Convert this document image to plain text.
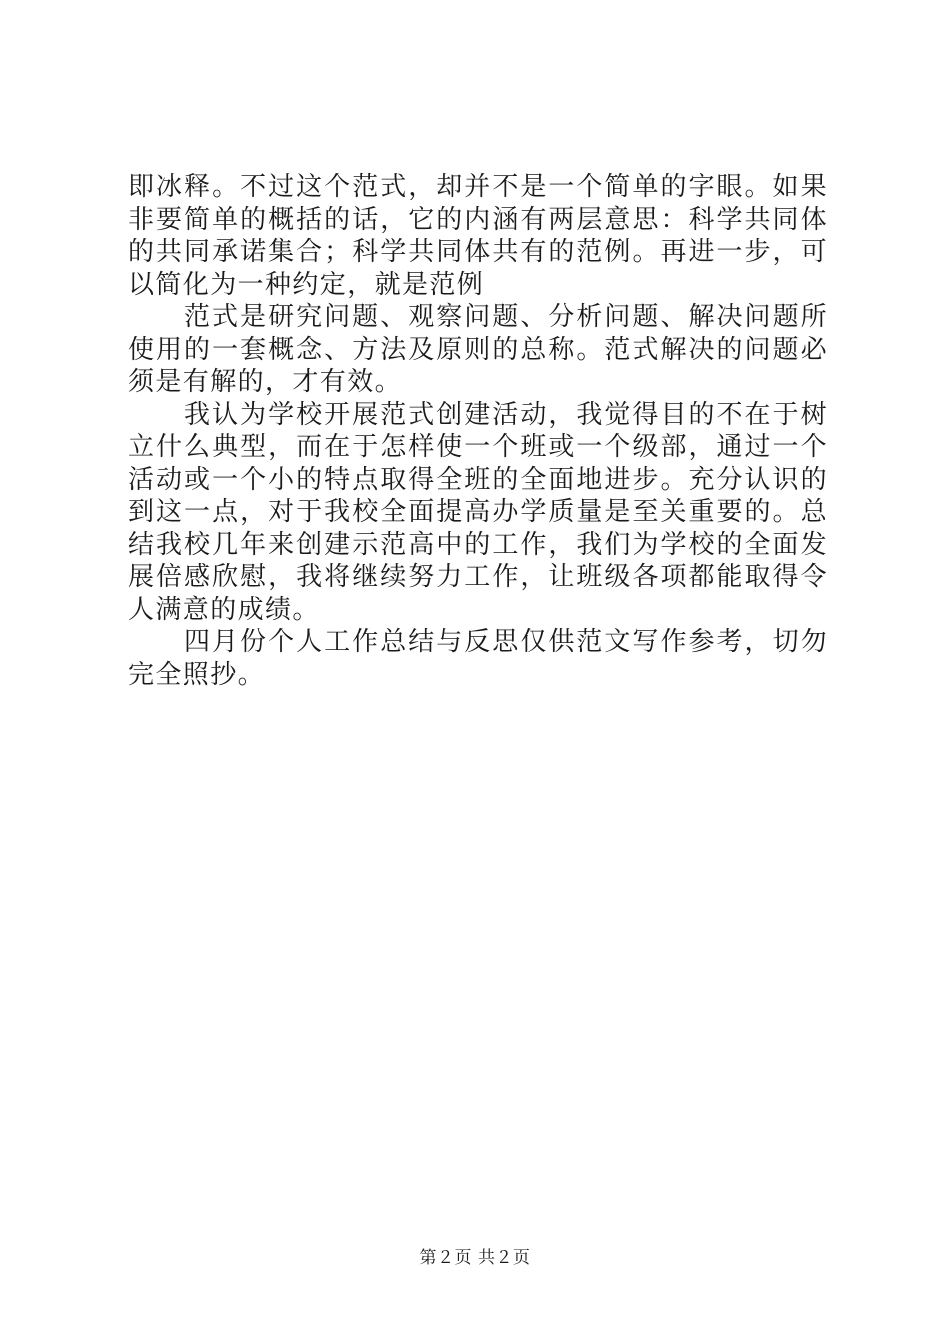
即冰释。不过这个范式，却并不是一个简单的字眼。如果非要简单的概括的话，它的内涵有两层意思：科学共同体的共同承诺集合；科学共同体共有的范例。再进一步，可以简化为一种约定，就是范例

范式是研究问题、观察问题、分析问题、解决问题所使用的一套概念、方法及原则的总称。范式解决的问题必须是有解的，才有效。

我认为学校开展范式创建活动，我觉得目的不在于树立什么典型，而在于怎样使一个班或一个级部，通过一个活动或一个小的特点取得全班的全面地进步。充分认识的到这一点，对于我校全面提高办学质量是至关重要的。总结我校几年来创建示范高中的工作，我们为学校的全面发展倍感欣慰，我将继续努力工作，让班级各项都能取得令人满意的成绩。

四月份个人工作总结与反思仅供范文写作参考，切勿完全照抄。

第２页 共２页
